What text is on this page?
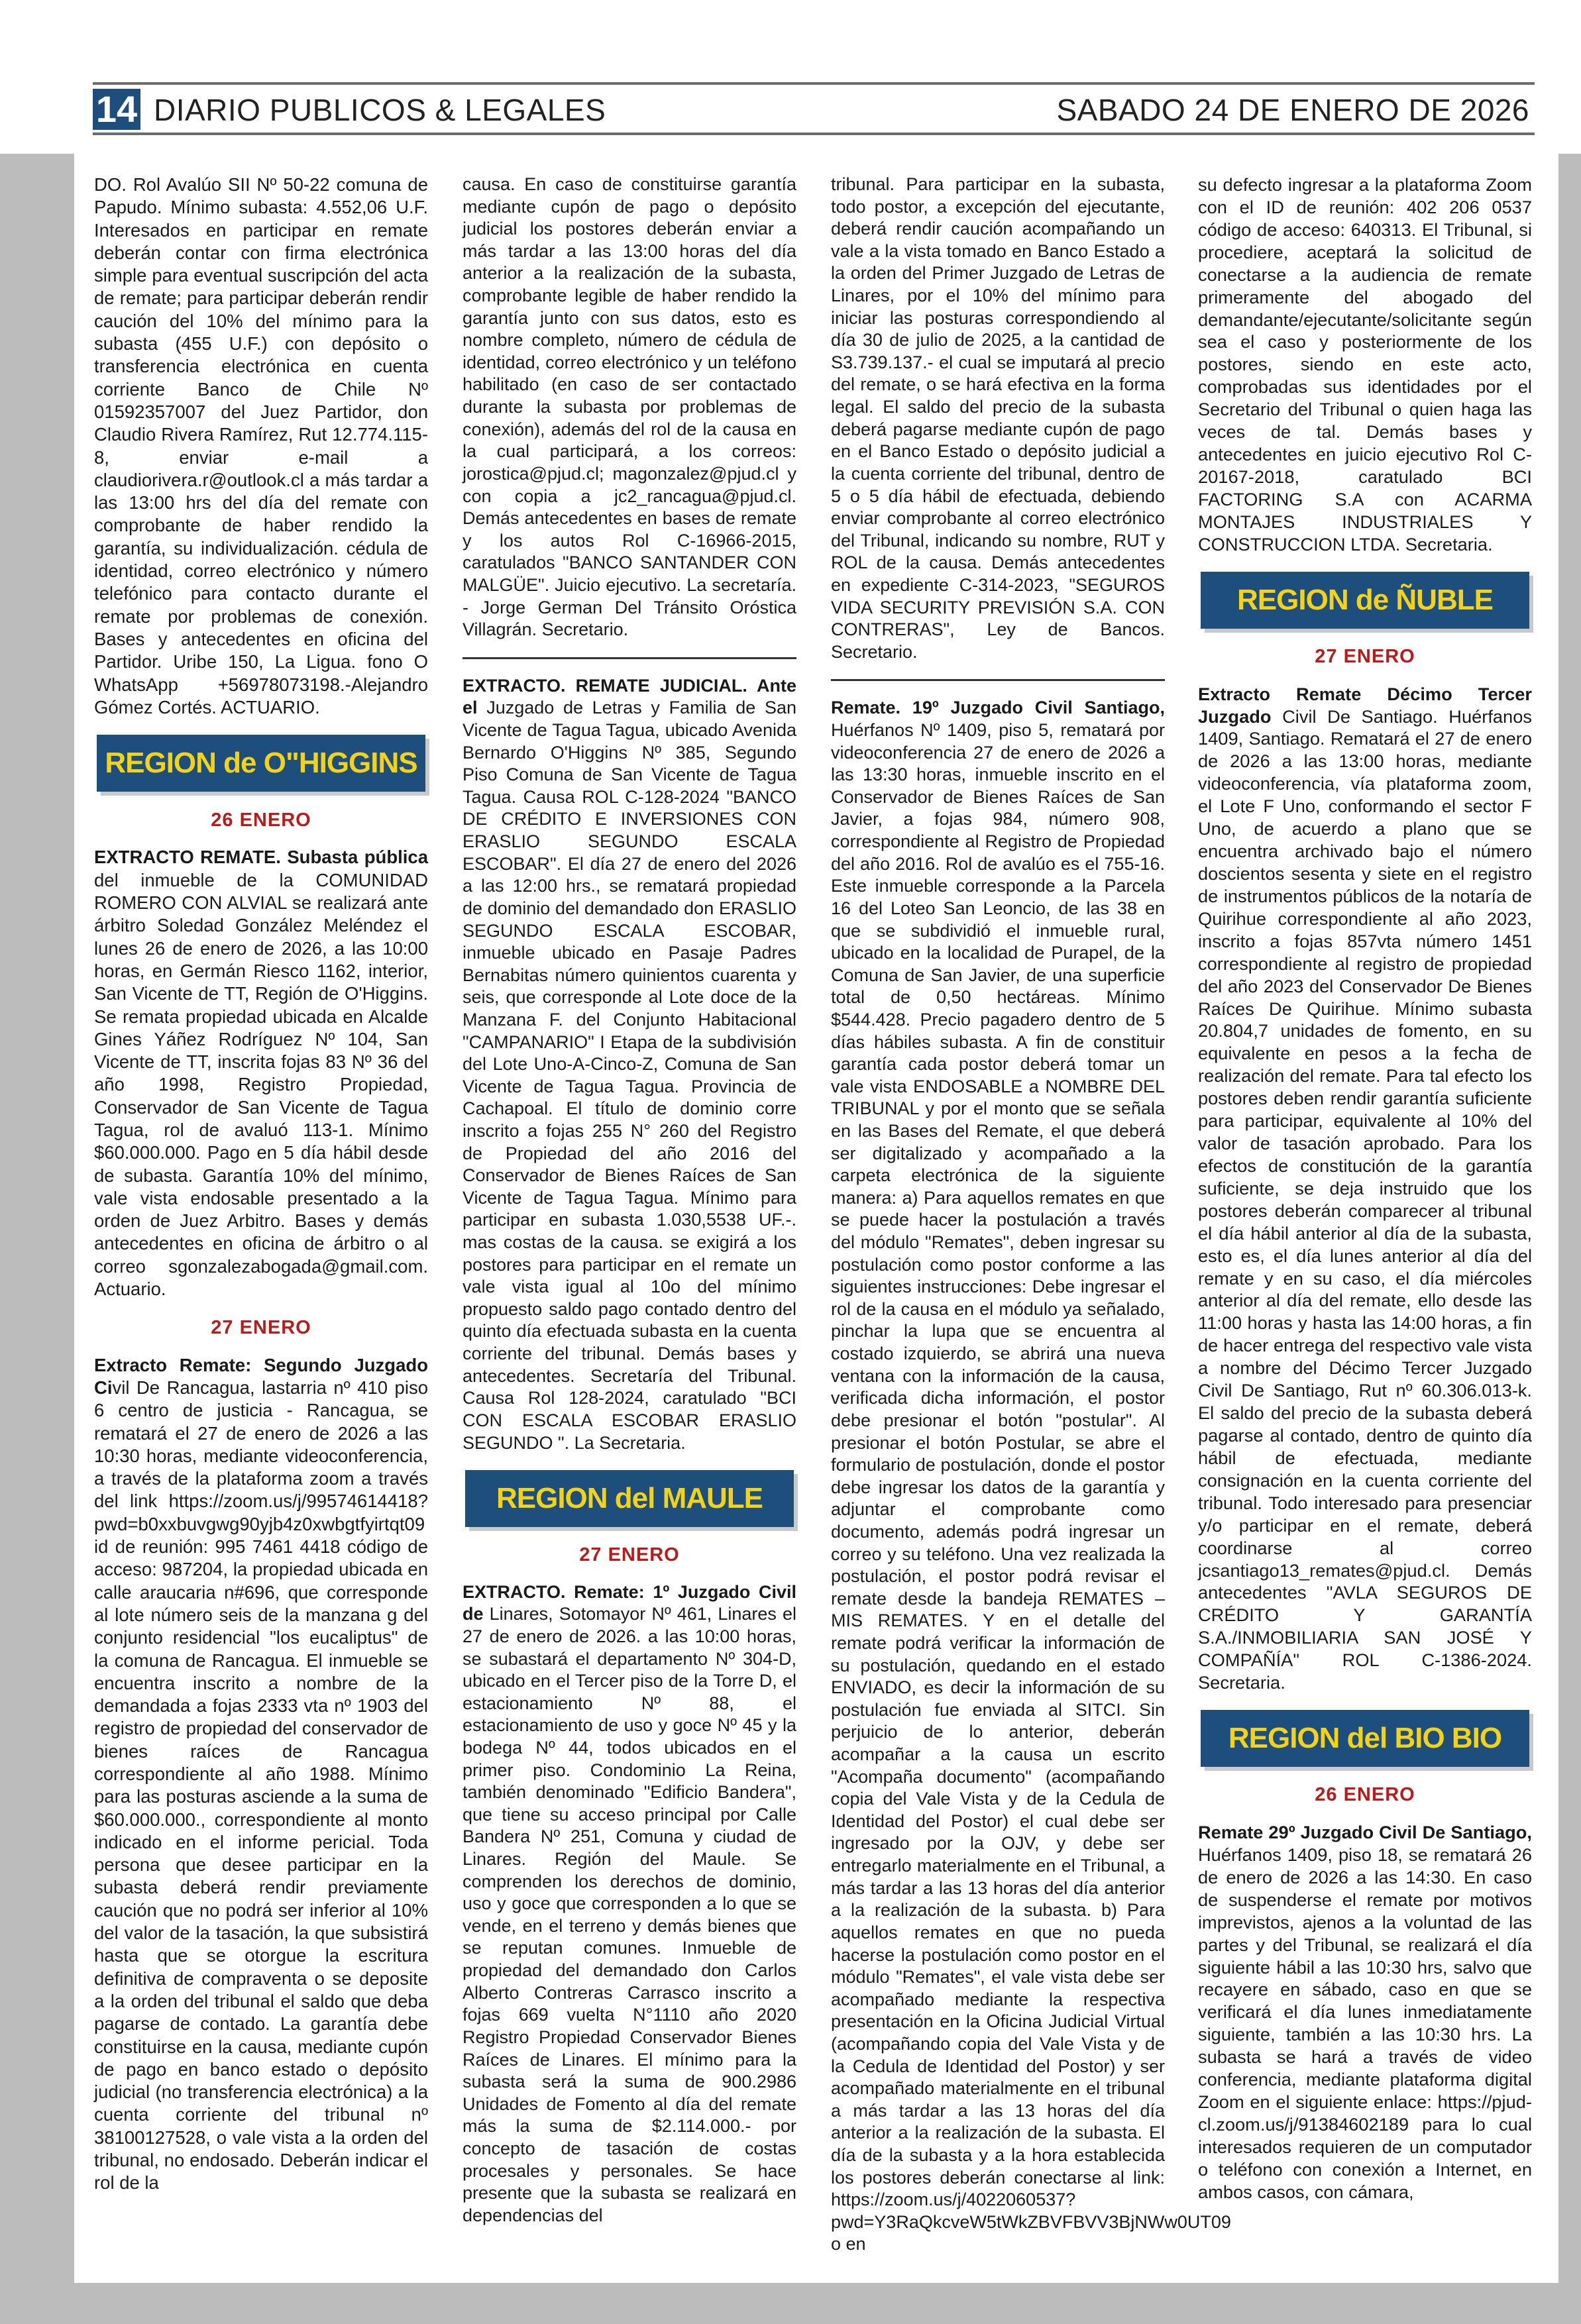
14 DIARIO PUBLICOS & LEGALES	SABADO 24 DE ENERO DE 2026

DO. Rol Avalúo SII Nº 50-22 comuna de Papudo. Mínimo subasta: 4.552,06 U.F. Interesados en participar en remate deberán contar con firma electrónica simple para eventual suscripción del acta de remate; para participar deberán rendir caución del 10% del mínimo para la subasta (455 U.F.) con depósito o transferencia electrónica en cuenta corriente Banco de Chile Nº 01592357007 del Juez Partidor, don Claudio Rivera Ramírez, Rut 12.774.115-8, enviar e-mail a claudiorivera.r@outlook.cl a más tardar a las 13:00 hrs del día del remate con comprobante de haber rendido la garantía, su individualización. cédula de identidad, correo electrónico y número telefónico para contacto durante el remate por problemas de conexión. Bases y antecedentes en oficina del Partidor. Uribe 150, La Ligua. fono O WhatsApp +56978073198.-Alejandro Gómez Cortés. ACTUARIO.

REGION de O"HIGGINS
26 ENERO

EXTRACTO REMATE. Subasta pública del inmueble de la COMUNIDAD ROMERO CON ALVIAL se realizará ante árbitro Soledad González Meléndez el lunes 26 de enero de 2026, a las 10:00 horas, en Germán Riesco 1162, interior, San Vicente de TT, Región de O'Higgins. Se remata propiedad ubicada en Alcalde Gines Yáñez Rodríguez Nº 104, San Vicente de TT, inscrita fojas 83 Nº 36 del año 1998, Registro Propiedad, Conservador de San Vicente de Tagua Tagua, rol de avaluó 113-1. Mínimo $60.000.000. Pago en 5 día hábil desde de subasta. Garantía 10% del mínimo, vale vista endosable presentado a la orden de Juez Arbitro. Bases y demás antecedentes en oficina de árbitro o al correo sgonzalezabogada@gmail.com. Actuario.

27 ENERO

Extracto Remate: Segundo Juzgado Civil De Rancagua, lastarria nº 410 piso 6 centro de justicia - Rancagua, se rematará el 27 de enero de 2026 a las 10:30 horas, mediante videoconferencia, a través de la plataforma zoom a través del link https://zoom.us/j/99574614418?pwd=b0xxbuvgwg90yjb4z0xwbgtfyirtqt09 id de reunión: 995 7461 4418 código de acceso: 987204, la propiedad ubicada en calle araucaria n#696, que corresponde al lote número seis de la manzana g del conjunto residencial "los eucaliptus" de la comuna de Rancagua. El inmueble se encuentra inscrito a nombre de la demandada a fojas 2333 vta nº 1903 del registro de propiedad del conservador de bienes raíces de Rancagua correspondiente al año 1988. Mínimo para las posturas asciende a la suma de $60.000.000., correspondiente al monto indicado en el informe pericial. Toda persona que desee participar en la subasta deberá rendir previamente caución que no podrá ser inferior al 10% del valor de la tasación, la que subsistirá hasta que se otorgue la escritura definitiva de compraventa o se deposite a la orden del tribunal el saldo que deba pagarse de contado. La garantía debe constituirse en la causa, mediante cupón de pago en banco estado o depósito judicial (no transferencia electrónica) a la cuenta corriente del tribunal nº 38100127528, o vale vista a la orden del tribunal, no endosado. Deberán indicar el rol de la

causa. En caso de constituirse garantía mediante cupón de pago o depósito judicial los postores deberán enviar a más tardar a las 13:00 horas del día anterior a la realización de la subasta, comprobante legible de haber rendido la garantía junto con sus datos, esto es nombre completo, número de cédula de identidad, correo electrónico y un teléfono habilitado (en caso de ser contactado durante la subasta por problemas de conexión), además del rol de la causa en la cual participará, a los correos: jorosticа@pjud.cl; magonzalez@pjud.cl y con copia a jc2_rancagua@pjud.cl. Demás antecedentes en bases de remate y los autos Rol C-16966-2015, caratulados "BANCO SANTANDER CON MALGÜE". Juicio ejecutivo. La secretaría. - Jorge German Del Tránsito Oróstica Villagrán. Secretario.

EXTRACTO. REMATE JUDICIAL. Ante el Juzgado de Letras y Familia de San Vicente de Tagua Tagua, ubicado Avenida Bernardo O'Higgins Nº 385, Segundo Piso Comuna de San Vicente de Tagua Tagua. Causa ROL C-128-2024 "BANCO DE CRÉDITO E INVERSIONES CON ERASLIO SEGUNDO ESCALA ESCOBAR". El día 27 de enero del 2026 a las 12:00 hrs., se rematará propiedad de dominio del demandado don ERASLIO SEGUNDO ESCALA ESCOBAR, inmueble ubicado en Pasaje Padres Bernabitas número quinientos cuarenta y seis, que corresponde al Lote doce de la Manzana F. del Conjunto Habitacional "CAMPANARIO" I Etapa de la subdivisión del Lote Uno-A-Cinco-Z, Comuna de San Vicente de Tagua Tagua. Provincia de Cachapoal. El título de dominio corre inscrito a fojas 255 N° 260 del Registro de Propiedad del año 2016 del Conservador de Bienes Raíces de San Vicente de Tagua Tagua. Mínimo para participar en subasta 1.030,5538 UF.-. mas costas de la causa. se exigirá a los postores para participar en el remate un vale vista igual al 10o del mínimo propuesto saldo pago contado dentro del quinto día efectuada subasta en la cuenta corriente del tribunal. Demás bases y antecedentes. Secretaría del Tribunal. Causa Rol 128-2024, caratulado "BCI CON ESCALA ESCOBAR ERASLIO SEGUNDO ". La Secretaria.

REGION del MAULE
27 ENERO

EXTRACTO. Remate: 1º Juzgado Civil de Linares, Sotomayor Nº 461, Linares el 27 de enero de 2026. a las 10:00 horas, se subastará el departamento Nº 304-D, ubicado en el Tercer piso de la Torre D, el estacionamiento Nº 88, el estacionamiento de uso y goce Nº 45 y la bodega Nº 44, todos ubicados en el primer piso. Condominio La Reina, también denominado "Edificio Bandera", que tiene su acceso principal por Calle Bandera Nº 251, Comuna y ciudad de Linares. Región del Maule. Se comprenden los derechos de dominio, uso y goce que corresponden a lo que se vende, en el terreno y demás bienes que se reputan comunes. Inmueble de propiedad del demandado don Carlos Alberto Contreras Carrasco inscrito a fojas 669 vuelta N°1110 año 2020 Registro Propiedad Conservador Bienes Raíces de Linares. El mínimo para la subasta será la suma de 900.2986 Unidades de Fomento al día del remate más la suma de $2.114.000.- por concepto de tasación de costas procesales y personales. Se hace presente que la subasta se realizará en dependencias del

tribunal. Para participar en la subasta, todo postor, a excepción del ejecutante, deberá rendir caución acompañando un vale a la vista tomado en Banco Estado a la orden del Primer Juzgado de Letras de Linares, por el 10% del mínimo para iniciar las posturas correspondiendo al día 30 de julio de 2025, a la cantidad de S3.739.137.- el cual se imputará al precio del remate, o se hará efectiva en la forma legal. El saldo del precio de la subasta deberá pagarse mediante cupón de pago en el Banco Estado o depósito judicial a la cuenta corriente del tribunal, dentro de 5 o 5 día hábil de efectuada, debiendo enviar comprobante al correo electrónico del Tribunal, indicando su nombre, RUT y ROL de la causa. Demás antecedentes en expediente C-314-2023, "SEGUROS VIDA SECURITY PREVISIÓN S.A. CON CONTRERAS", Ley de Bancos. Secretario.

Remate. 19º Juzgado Civil Santiago, Huérfanos Nº 1409, piso 5, rematará por videoconferencia 27 de enero de 2026 a las 13:30 horas, inmueble inscrito en el Conservador de Bienes Raíces de San Javier, a fojas 984, número 908, correspondiente al Registro de Propiedad del año 2016. Rol de avalúo es el 755-16. Este inmueble corresponde a la Parcela 16 del Loteo San Leoncio, de las 38 en que se subdividió el inmueble rural, ubicado en la localidad de Purapel, de la Comuna de San Javier, de una superficie total de 0,50 hectáreas. Mínimo $544.428. Precio pagadero dentro de 5 días hábiles subasta. A fin de constituir garantía cada postor deberá tomar un vale vista ENDOSABLE a NOMBRE DEL TRIBUNAL y por el monto que se señala en las Bases del Remate, el que deberá ser digitalizado y acompañado a la carpeta electrónica de la siguiente manera: a) Para aquellos remates en que se puede hacer la postulación a través del módulo "Remates", deben ingresar su postulación como postor conforme a las siguientes instrucciones: Debe ingresar el rol de la causa en el módulo ya señalado, pinchar la lupa que se encuentra al costado izquierdo, se abrirá una nueva ventana con la información de la causa, verificada dicha información, el postor debe presionar el botón "postular". Al presionar el botón Postular, se abre el formulario de postulación, donde el postor debe ingresar los datos de la garantía y adjuntar el comprobante como documento, además podrá ingresar un correo y su teléfono. Una vez realizada la postulación, el postor podrá revisar el remate desde la bandeja REMATES – MIS REMATES. Y en el detalle del remate podrá verificar la información de su postulación, quedando en el estado ENVIADO, es decir la información de su postulación fue enviada al SITCI. Sin perjuicio de lo anterior, deberán acompañar a la causa un escrito "Acompaña documento" (acompañando copia del Vale Vista y de la Cedula de Identidad del Postor) el cual debe ser ingresado por la OJV, y debe ser entregarlo materialmente en el Tribunal, a más tardar a las 13 horas del día anterior a la realización de la subasta. b) Para aquellos remates en que no pueda hacerse la postulación como postor en el módulo "Remates", el vale vista debe ser acompañado mediante la respectiva presentación en la Oficina Judicial Virtual (acompañando copia del Vale Vista y de la Cedula de Identidad del Postor) y ser acompañado materialmente en el tribunal a más tardar a las 13 horas del día anterior a la realización de la subasta. El día de la subasta y a la hora establecida los postores deberán conectarse al link: https://zoom.us/j/4022060537?pwd=Y3RaQkcveW5tWkZBVFBVV3BjNWw0UT09 o en

su defecto ingresar a la plataforma Zoom con el ID de reunión: 402 206 0537 código de acceso: 640313. El Tribunal, si procediere, aceptará la solicitud de conectarse a la audiencia de remate primeramente del abogado del demandante/ejecutante/solicitante según sea el caso y posteriormente de los postores, siendo en este acto, comprobadas sus identidades por el Secretario del Tribunal o quien haga las veces de tal. Demás bases y antecedentes en juicio ejecutivo Rol C-20167-2018, caratulado BCI FACTORING S.A con ACARMA MONTAJES INDUSTRIALES Y CONSTRUCCION LTDA. Secretaria.

REGION de ÑUBLE
27 ENERO

Extracto Remate Décimo Tercer Juzgado Civil De Santiago. Huérfanos 1409, Santiago. Rematará el 27 de enero de 2026 a las 13:00 horas, mediante videoconferencia, vía plataforma zoom, el Lote F Uno, conformando el sector F Uno, de acuerdo a plano que se encuentra archivado bajo el número doscientos sesenta y siete en el registro de instrumentos públicos de la notaría de Quirihue correspondiente al año 2023, inscrito a fojas 857vta número 1451 correspondiente al registro de propiedad del año 2023 del Conservador De Bienes Raíces De Quirihue. Mínimo subasta 20.804,7 unidades de fomento, en su equivalente en pesos a la fecha de realización del remate. Para tal efecto los postores deben rendir garantía suficiente para participar, equivalente al 10% del valor de tasación aprobado. Para los efectos de constitución de la garantía suficiente, se deja instruido que los postores deberán comparecer al tribunal el día hábil anterior al día de la subasta, esto es, el día lunes anterior al día del remate y en su caso, el día miércoles anterior al día del remate, ello desde las 11:00 horas y hasta las 14:00 horas, a fin de hacer entrega del respectivo vale vista a nombre del Décimo Tercer Juzgado Civil De Santiago, Rut nº 60.306.013-k. El saldo del precio de la subasta deberá pagarse al contado, dentro de quinto día hábil de efectuada, mediante consignación en la cuenta corriente del tribunal. Todo interesado para presenciar y/o participar en el remate, deberá coordinarse al correo jcsantiago13_remates@pjud.cl. Demás antecedentes "AVLA SEGUROS DE CRÉDITO Y GARANTÍA S.A./INMOBILIARIA SAN JOSÉ Y COMPAÑÍA" ROL C-1386-2024. Secretaria.

REGION del BIO BIO
26 ENERO

Remate 29º Juzgado Civil De Santiago, Huérfanos 1409, piso 18, se rematará 26 de enero de 2026 a las 14:30. En caso de suspenderse el remate por motivos imprevistos, ajenos a la voluntad de las partes y del Tribunal, se realizará el día siguiente hábil a las 10:30 hrs, salvo que recayere en sábado, caso en que se verificará el día lunes inmediatamente siguiente, también a las 10:30 hrs. La subasta se hará a través de video conferencia, mediante plataforma digital Zoom en el siguiente enlace: https://pjud-cl.zoom.us/j/91384602189 para lo cual interesados requieren de un computador o teléfono con conexión a Internet, en ambos casos, con cámara,
